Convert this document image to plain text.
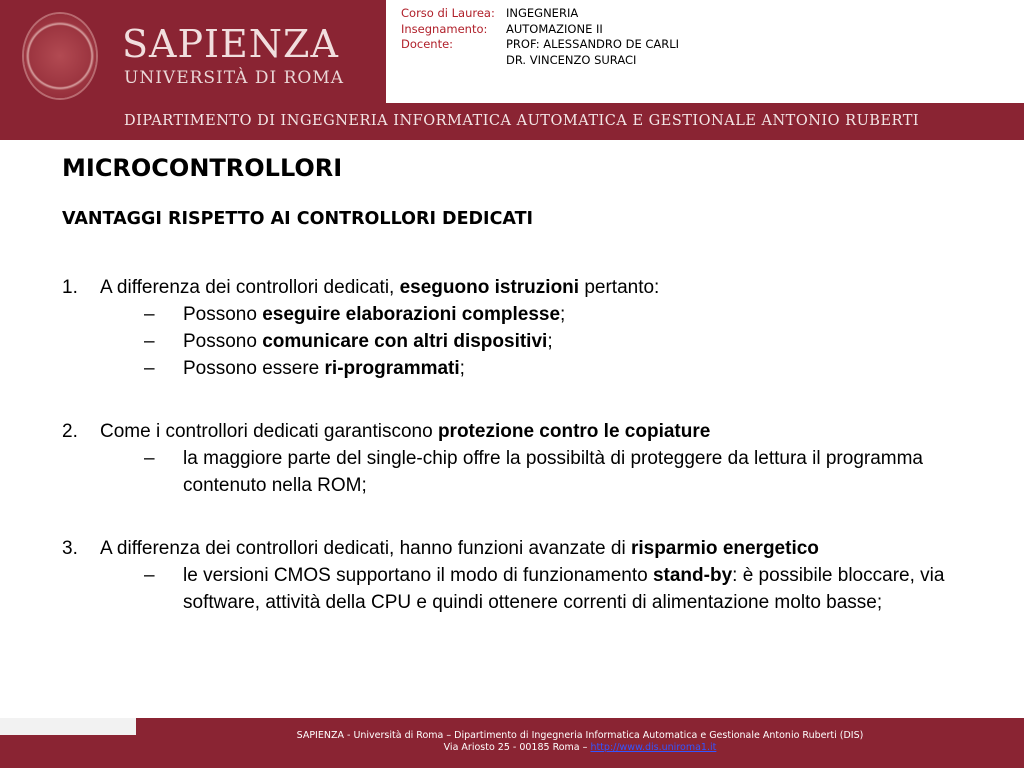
SAPIENZA
UNIVERSITÀ DI ROMA
Corso di Laurea: INGEGNERIA
Insegnamento: AUTOMAZIONE II
Docente:	PROF: ALESSANDRO DE CARLI
DR. VINCENZO SURACI
DIPARTIMENTO DI INGEGNERIA INFORMATICA AUTOMATICA E GESTIONALE ANTONIO RUBERTI
MICROCONTROLLORI
VANTAGGI RISPETTO AI CONTROLLORI DEDICATI
1. A differenza dei controllori dedicati, eseguono istruzioni pertanto:
– Possono eseguire elaborazioni complesse;
– Possono comunicare con altri dispositivi;
– Possono essere ri-programmati;
2. Come i controllori dedicati garantiscono protezione contro le copiature
– la maggiore parte del single-chip offre la possibiltà di proteggere da lettura il programma contenuto nella ROM;
3. A differenza dei controllori dedicati, hanno funzioni avanzate di risparmio energetico
– le versioni CMOS supportano il modo di funzionamento stand-by: è possibile bloccare, via software, attività della CPU e quindi ottenere correnti di alimentazione molto basse;
SAPIENZA - Università di Roma – Dipartimento di Ingegneria Informatica Automatica e Gestionale Antonio Ruberti (DIS)
Via Ariosto 25 - 00185 Roma – http://www.dis.uniroma1.it
